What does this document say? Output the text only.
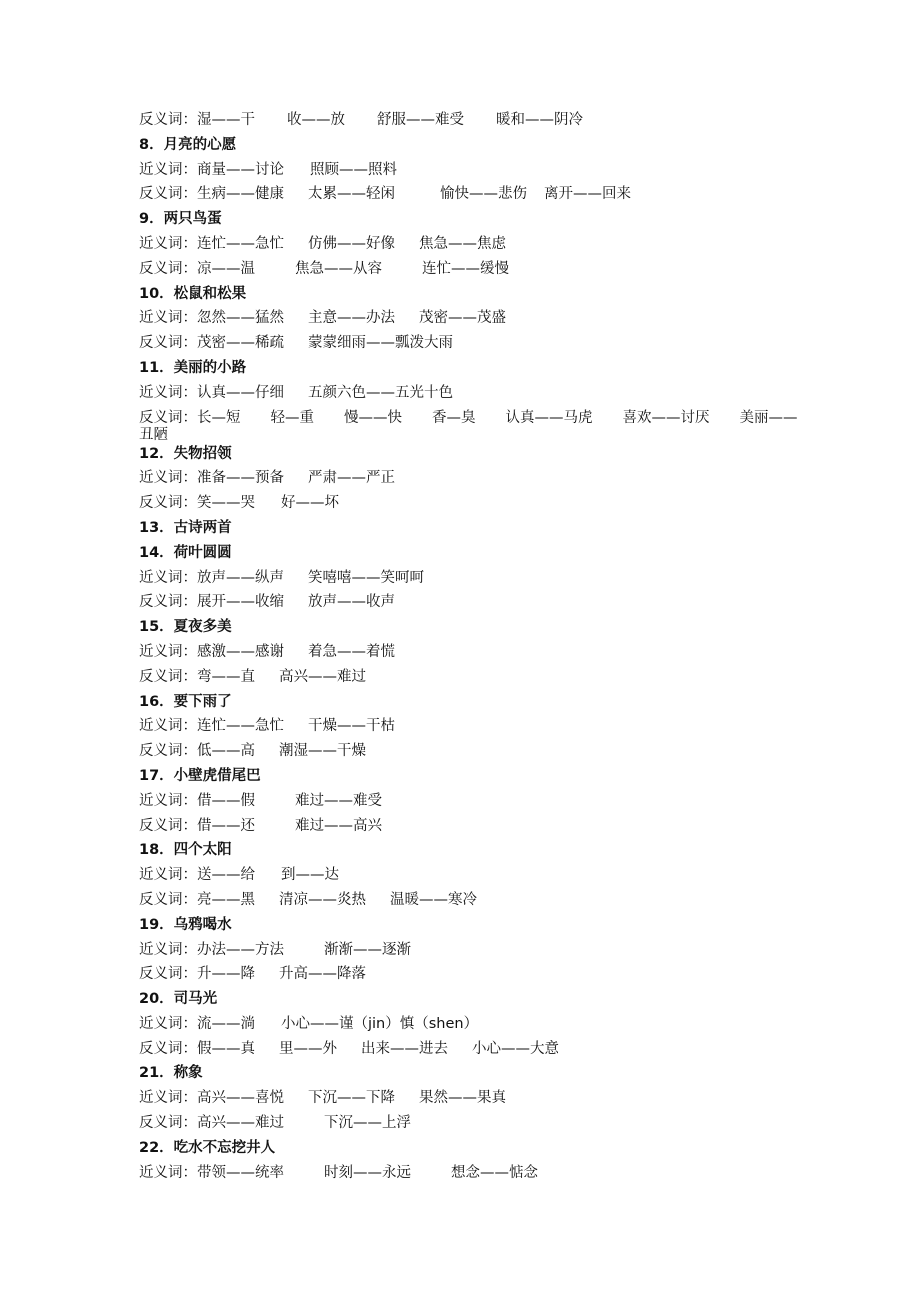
反义词：湿——干 收——放 舒服——难受 暖和——阴冷
8．月亮的心愿
近义词：商量——讨论 照顾——照料
反义词：生病——健康 太累——轻闲	愉快——悲伤 离开——回来
9．两只鸟蛋
近义词：连忙——急忙 仿佛——好像 焦急——焦虑
反义词：凉——温	焦急——从容	连忙——缓慢
10．松鼠和松果
近义词：忽然——猛然 主意——办法 茂密——茂盛
反义词：茂密——稀疏 蒙蒙细雨——瓢泼大雨
11．美丽的小路
近义词：认真——仔细 五颜六色——五光十色
反义词：长—短 轻—重 慢——快 香—臭 认真——马虎 喜欢——讨厌 美丽——丑陋
12．失物招领
近义词：准备——预备 严肃——严正
反义词：笑——哭 好——坏
13．古诗两首
14．荷叶圆圆
近义词：放声——纵声 笑嘻嘻——笑呵呵
反义词：展开——收缩 放声——收声
15．夏夜多美
近义词：感激——感谢 着急——着慌
反义词：弯——直 高兴——难过
16．要下雨了
近义词：连忙——急忙 干燥——干枯
反义词：低——高 潮湿——干燥
17．小壁虎借尾巴
近义词：借——假	难过——难受
反义词：借——还	难过——高兴
18．四个太阳
近义词：送——给 到——达
反义词：亮——黑 清凉——炎热 温暖——寒冷
19．乌鸦喝水
近义词：办法——方法	渐渐——逐渐
反义词：升——降 升高——降落
20．司马光
近义词：流——淌 小心——谨（jin）慎（shen）
反义词：假——真 里——外 出来——进去 小心——大意
21．称象
近义词：高兴——喜悦 下沉——下降 果然——果真
反义词：高兴——难过	下沉——上浮
22．吃水不忘挖井人
近义词：带领——统率	时刻——永远	想念——惦念
